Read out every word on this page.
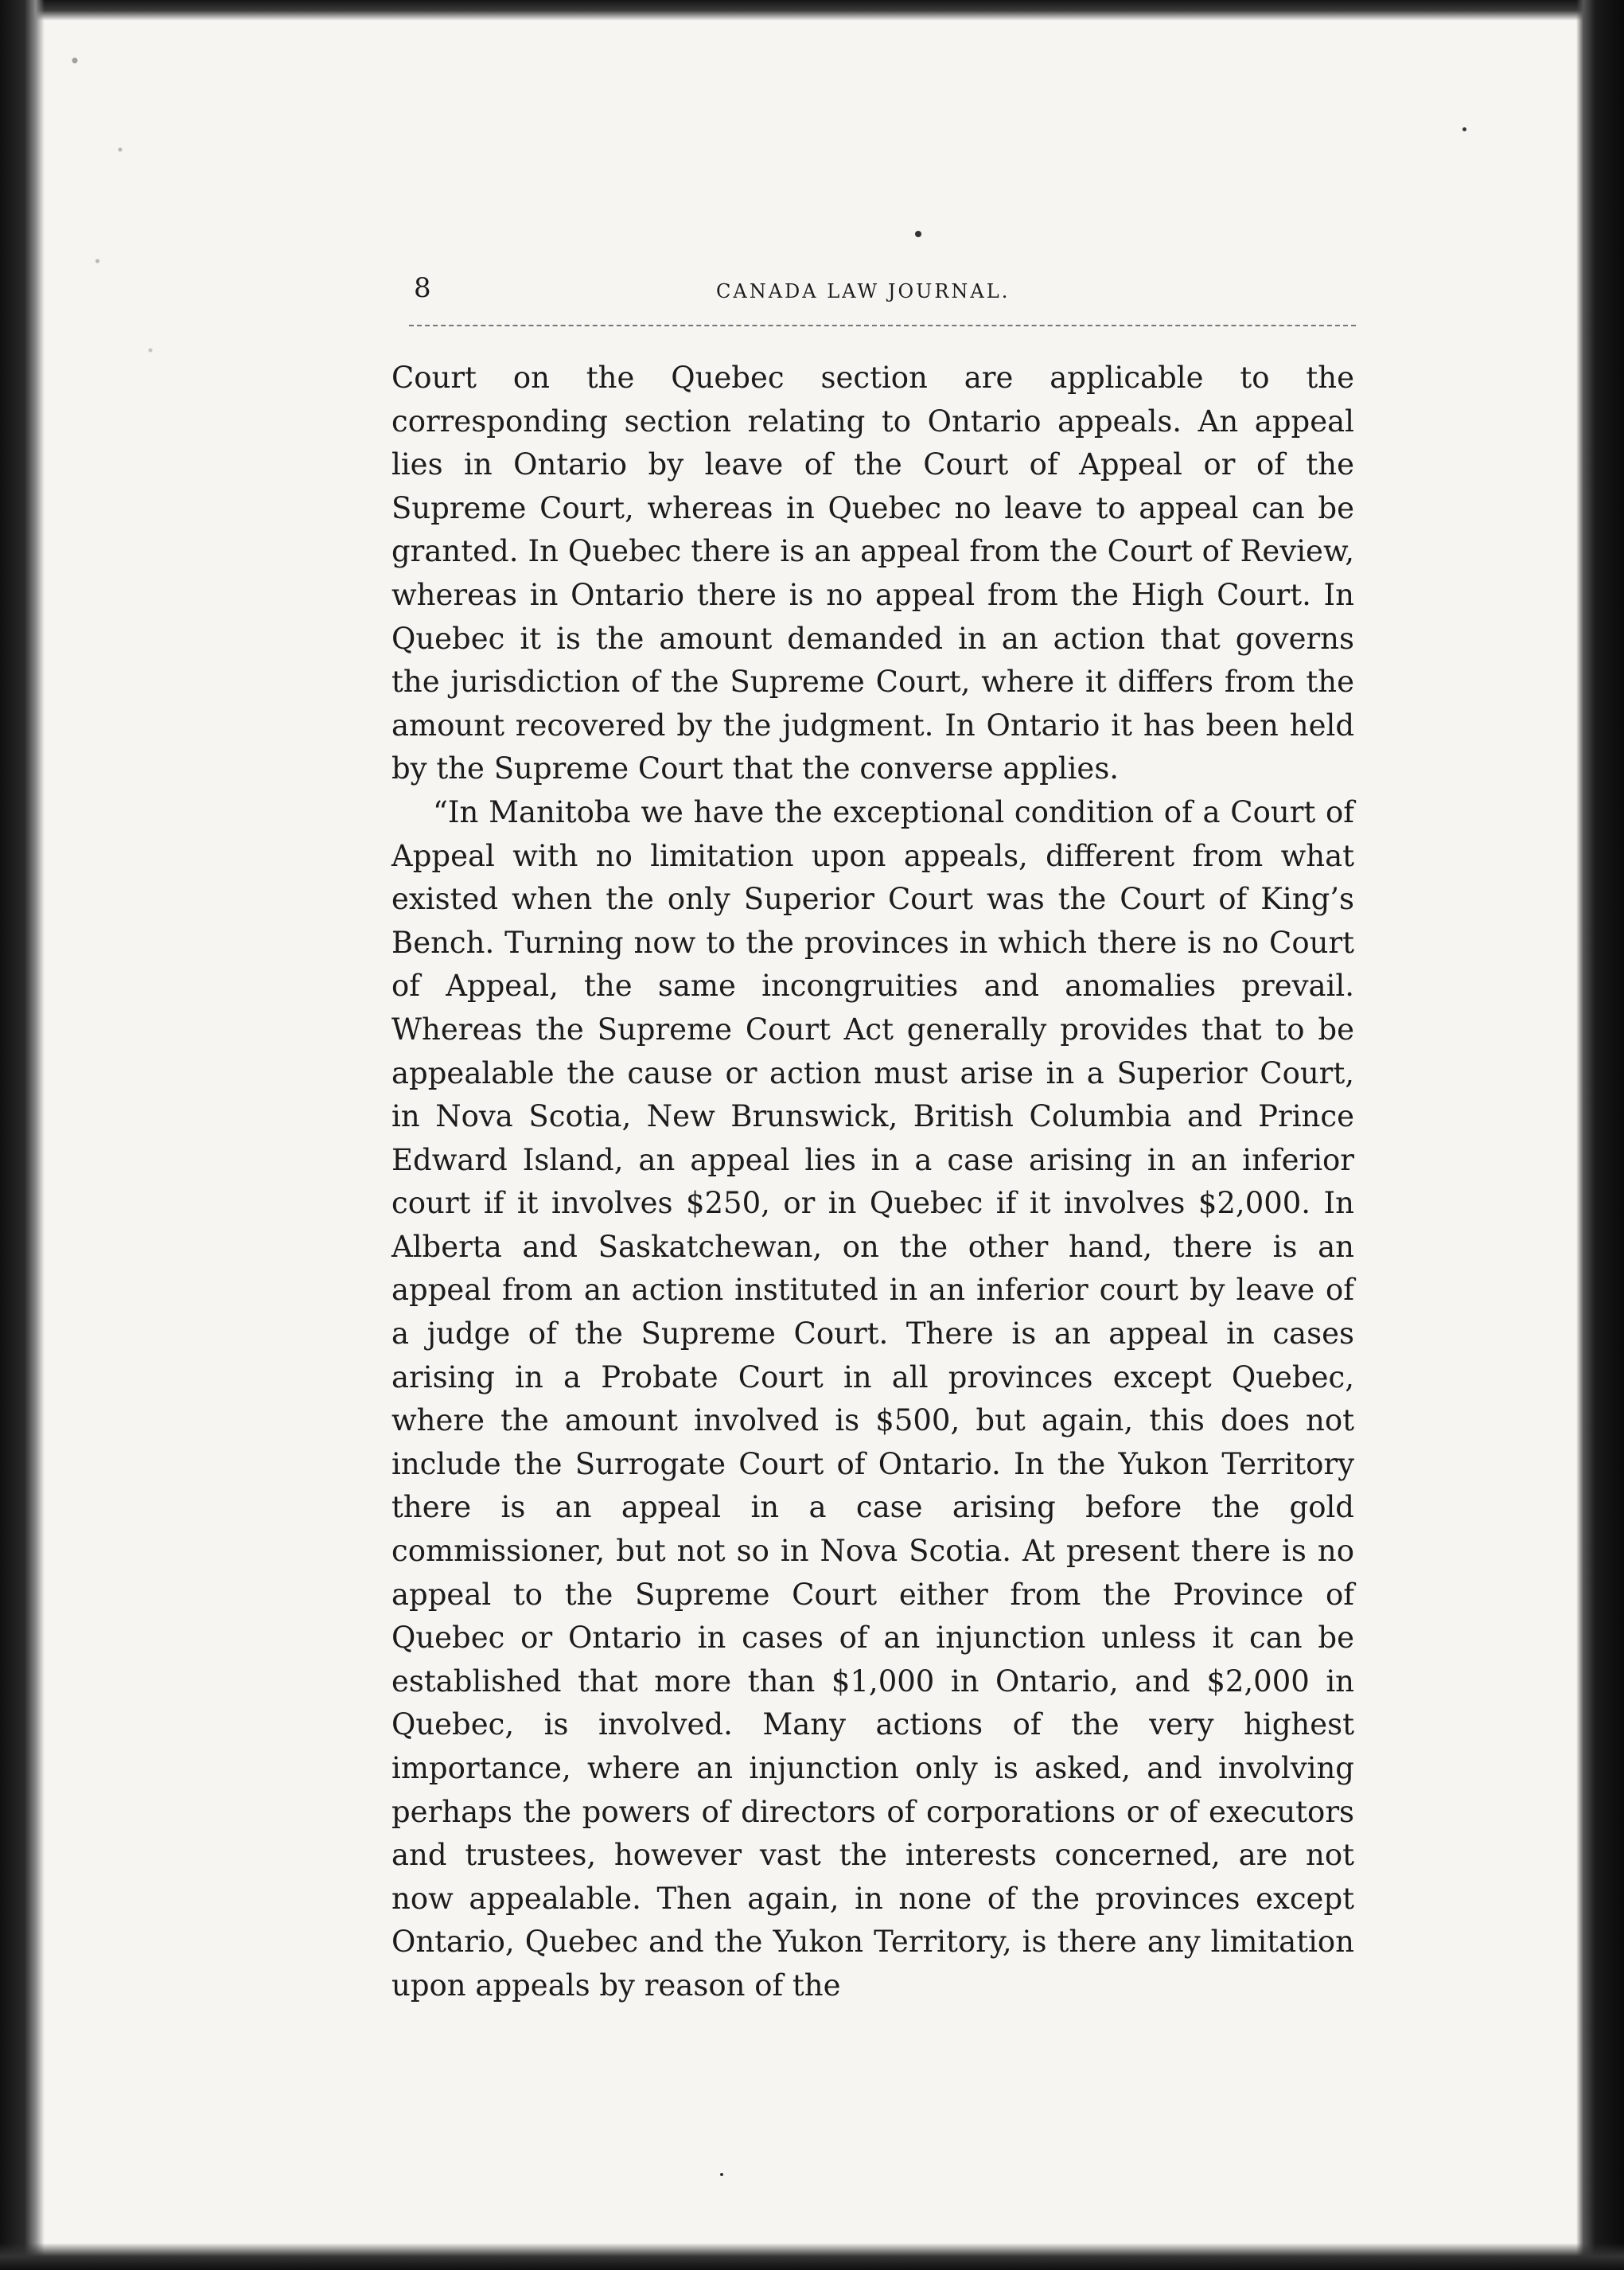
8	CANADA LAW JOURNAL.

Court on the Quebec section are applicable to the corresponding section relating to Ontario appeals. An appeal lies in Ontario by leave of the Court of Appeal or of the Supreme Court, whereas in Quebec no leave to appeal can be granted. In Quebec there is an appeal from the Court of Review, whereas in Ontario there is no appeal from the High Court. In Quebec it is the amount demanded in an action that governs the jurisdiction of the Supreme Court, where it differs from the amount recovered by the judgment. In Ontario it has been held by the Supreme Court that the converse applies.

“In Manitoba we have the exceptional condition of a Court of Appeal with no limitation upon appeals, different from what existed when the only Superior Court was the Court of King’s Bench. Turning now to the provinces in which there is no Court of Appeal, the same incongruities and anomalies prevail. Whereas the Supreme Court Act generally provides that to be appealable the cause or action must arise in a Superior Court, in Nova Scotia, New Brunswick, British Columbia and Prince Edward Island, an appeal lies in a case arising in an inferior court if it involves $250, or in Quebec if it involves $2,000. In Alberta and Saskatchewan, on the other hand, there is an appeal from an action instituted in an inferior court by leave of a judge of the Supreme Court. There is an appeal in cases arising in a Probate Court in all provinces except Quebec, where the amount involved is $500, but again, this does not include the Surrogate Court of Ontario. In the Yukon Territory there is an appeal in a case arising before the gold commissioner, but not so in Nova Scotia. At present there is no appeal to the Supreme Court either from the Province of Quebec or Ontario in cases of an injunction unless it can be established that more than $1,000 in Ontario, and $2,000 in Quebec, is involved. Many actions of the very highest importance, where an injunction only is asked, and involving perhaps the powers of directors of corporations or of executors and trustees, however vast the interests concerned, are not now appealable. Then again, in none of the provinces except Ontario, Quebec and the Yukon Territory, is there any limitation upon appeals by reason of the
